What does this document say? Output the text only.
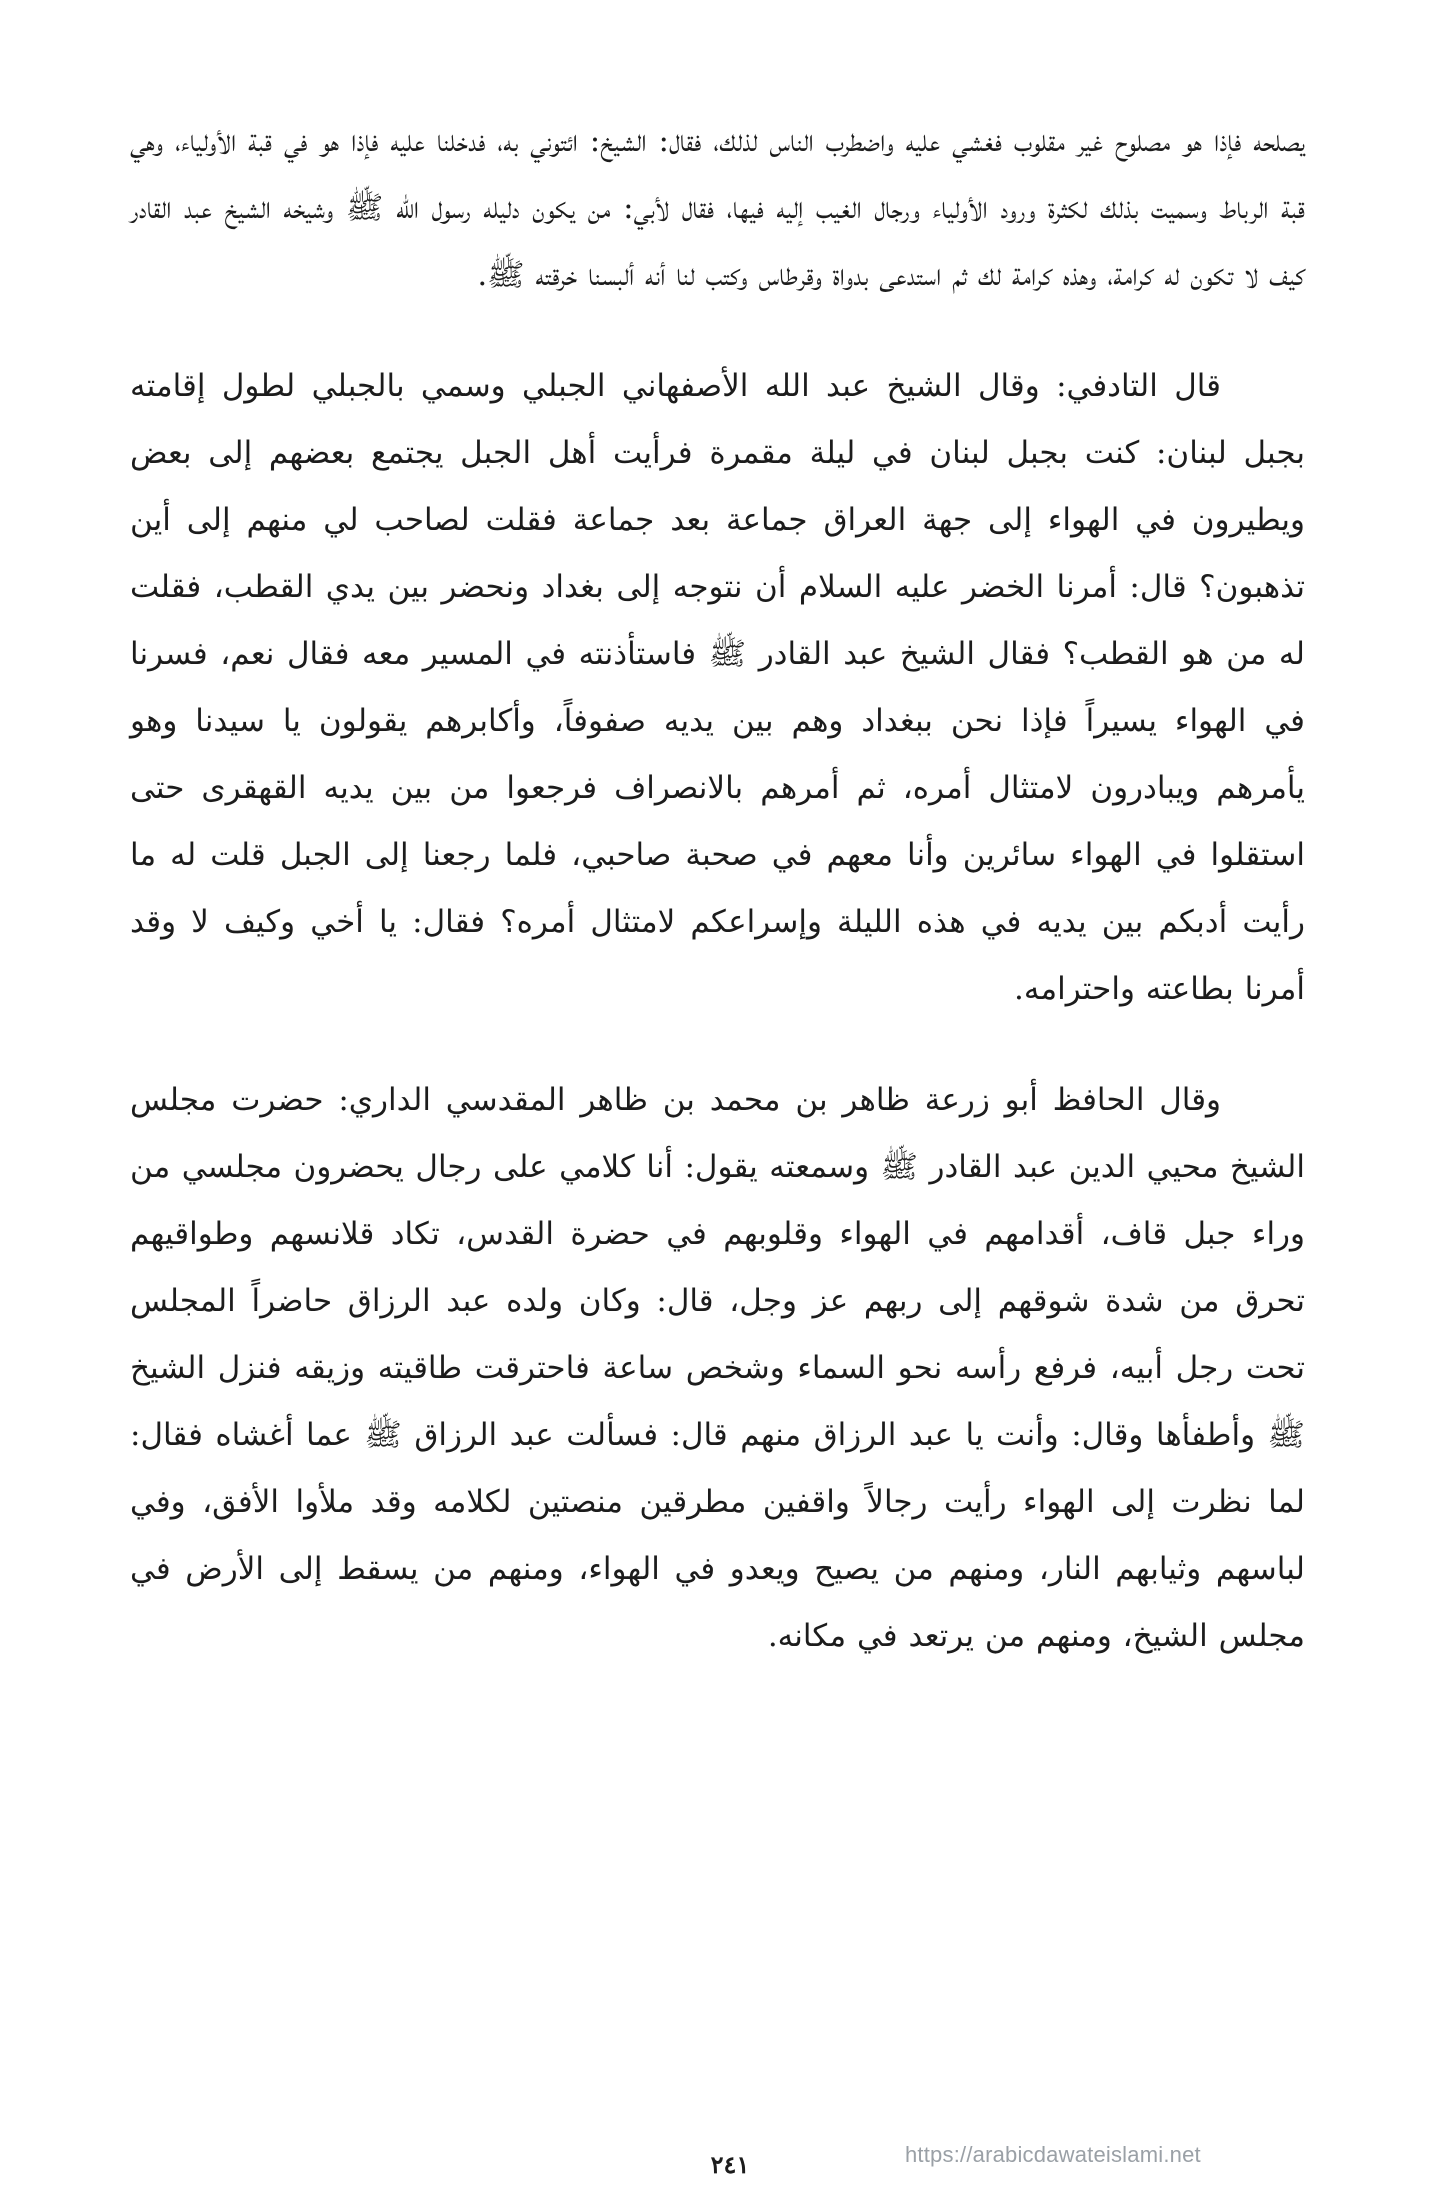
يصلحه فإذا هو مصلوح غير مقلوب فغشي عليه واضطرب الناس لذلك، فقال: الشيخ: ائتوني به، فدخلنا عليه فإذا هو في قبة الأولياء، وهي قبة الرباط وسميت بذلك لكثرة ورود الأولياء ورجال الغيب إليه فيها، فقال لأبي: من يكون دليله رسول الله ﷺ وشيخه الشيخ عبد القادر كيف لا تكون له كرامة، وهذه كرامة لك ثم استدعى بدواة وقرطاس وكتب لنا أنه ألبسنا خرقته ﷺ.

قال التادفي: وقال الشيخ عبد الله الأصفهاني الجبلي وسمي بالجبلي لطول إقامته بجبل لبنان: كنت بجبل لبنان في ليلة مقمرة فرأيت أهل الجبل يجتمع بعضهم إلى بعض ويطيرون في الهواء إلى جهة العراق جماعة بعد جماعة فقلت لصاحب لي منهم إلى أين تذهبون؟ قال: أمرنا الخضر عليه السلام أن نتوجه إلى بغداد ونحضر بين يدي القطب، فقلت له من هو القطب؟ فقال الشيخ عبد القادر ﷺ فاستأذنته في المسير معه فقال نعم، فسرنا في الهواء يسيراً فإذا نحن ببغداد وهم بين يديه صفوفاً، وأكابرهم يقولون يا سيدنا وهو يأمرهم ويبادرون لامتثال أمره، ثم أمرهم بالانصراف فرجعوا من بين يديه القهقرى حتى استقلوا في الهواء سائرين وأنا معهم في صحبة صاحبي، فلما رجعنا إلى الجبل قلت له ما رأيت أدبكم بين يديه في هذه الليلة وإسراعكم لامتثال أمره؟ فقال: يا أخي وكيف لا وقد أمرنا بطاعته واحترامه.

وقال الحافظ أبو زرعة ظاهر بن محمد بن ظاهر المقدسي الداري: حضرت مجلس الشيخ محيي الدين عبد القادر ﷺ وسمعته يقول: أنا كلامي على رجال يحضرون مجلسي من وراء جبل قاف، أقدامهم في الهواء وقلوبهم في حضرة القدس، تكاد قلانسهم وطواقيهم تحرق من شدة شوقهم إلى ربهم عز وجل، قال: وكان ولده عبد الرزاق حاضراً المجلس تحت رجل أبيه، فرفع رأسه نحو السماء وشخص ساعة فاحترقت طاقيته وزيقه فنزل الشيخ ﷺ وأطفأها وقال: وأنت يا عبد الرزاق منهم قال: فسألت عبد الرزاق ﷺ عما أغشاه فقال: لما نظرت إلى الهواء رأيت رجالاً واقفين مطرقين منصتين لكلامه وقد ملأوا الأفق، وفي لباسهم وثيابهم النار، ومنهم من يصيح ويعدو في الهواء، ومنهم من يسقط إلى الأرض في مجلس الشيخ، ومنهم من يرتعد في مكانه.

٢٤١	https://arabicdawateislami.net
